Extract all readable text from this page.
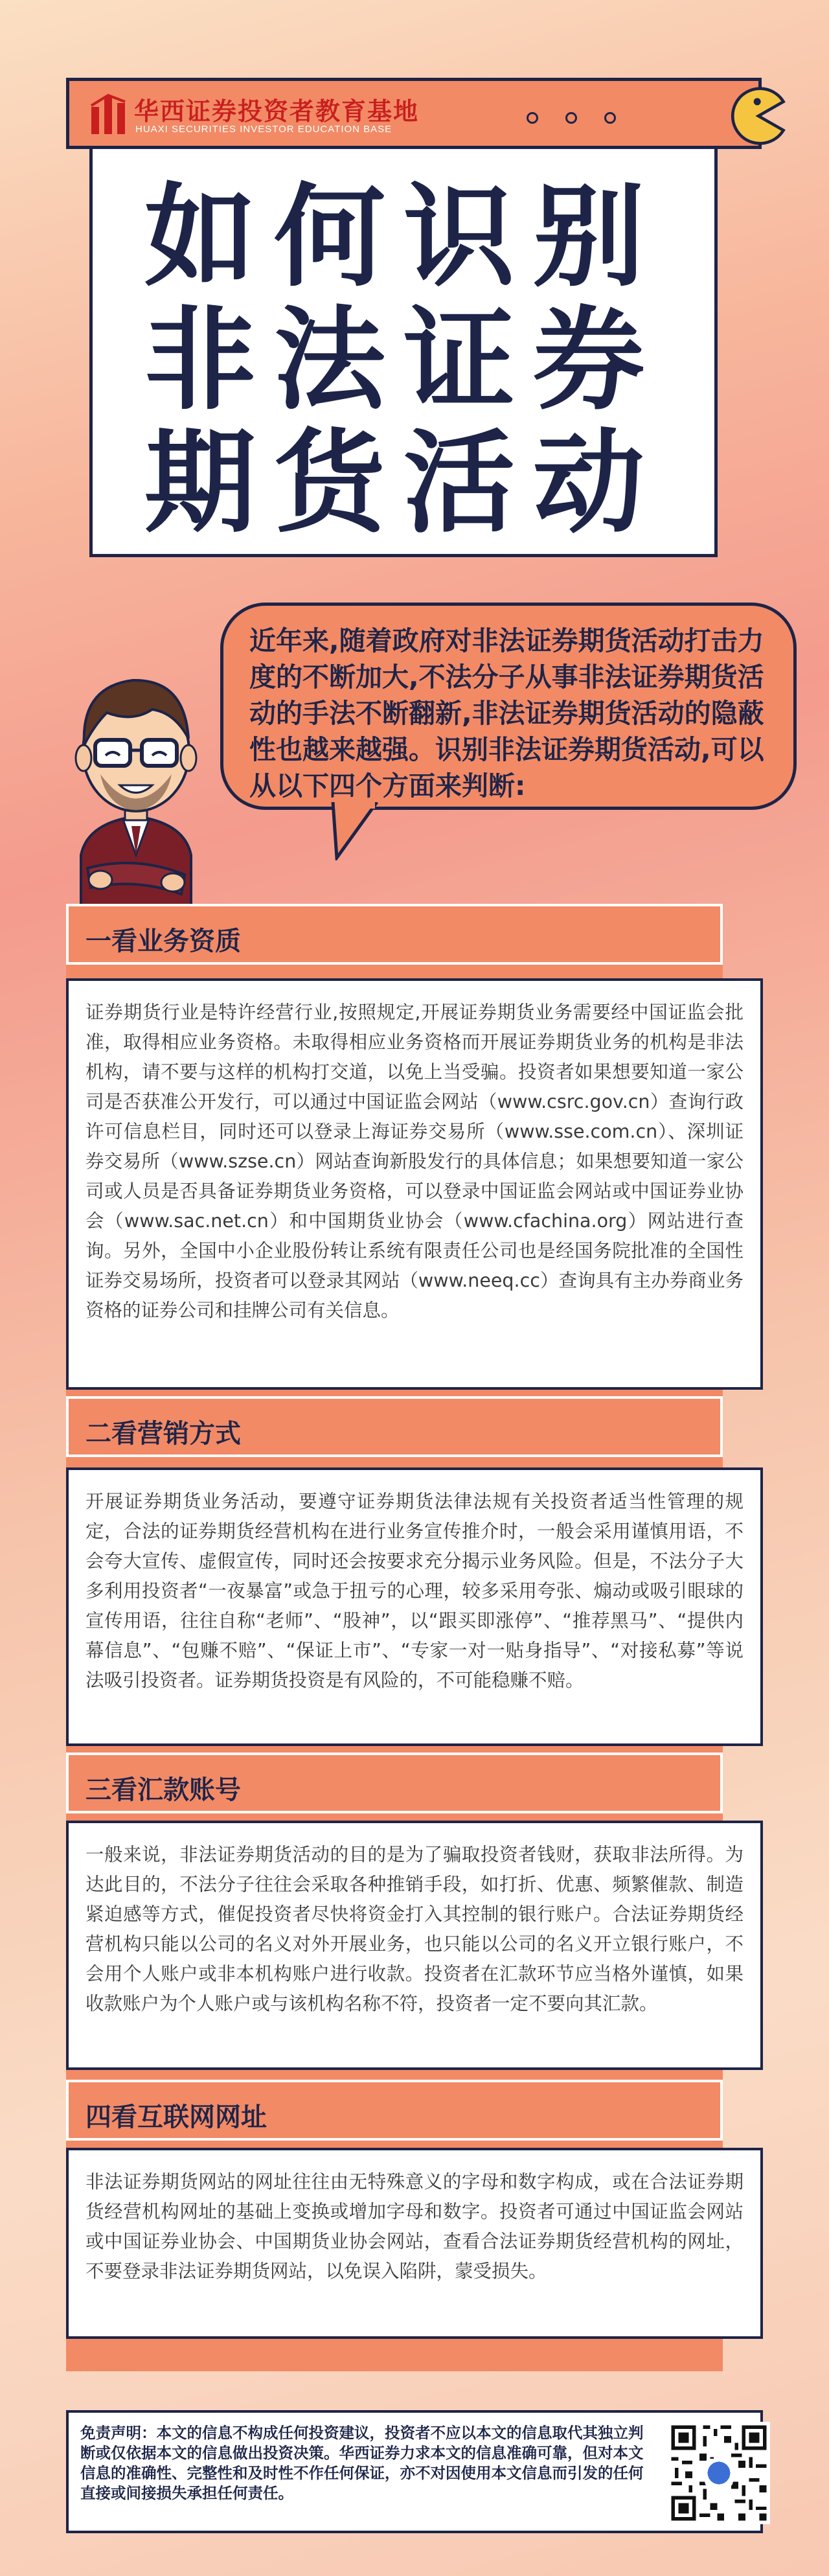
华西证券投资者教育基地
HUAXI SECURITIES INVESTOR EDUCATION BASE
如何识别
非法证券
期货活动

近年来,随着政府对非法证券期货活动打击力度的不断加大,不法分子从事非法证券期货活动的手法不断翻新,非法证券期货活动的隐蔽性也越来越强。识别非法证券期货活动,可以从以下四个方面来判断:

一看业务资质

证券期货行业是特许经营行业,按照规定,开展证券期货业务需要经中国证监会批准，取得相应业务资格。未取得相应业务资格而开展证券期货业务的机构是非法机构，请不要与这样的机构打交道，以免上当受骗。投资者如果想要知道一家公司是否获准公开发行，可以通过中国证监会网站（www.csrc.gov.cn）查询行政许可信息栏目，同时还可以登录上海证券交易所（www.sse.com.cn）、深圳证券交易所（www.szse.cn）网站查询新股发行的具体信息；如果想要知道一家公司或人员是否具备证券期货业务资格，可以登录中国证监会网站或中国证券业协会（www.sac.net.cn）和中国期货业协会（www.cfachina.org）网站进行查询。另外，全国中小企业股份转让系统有限责任公司也是经国务院批准的全国性证券交易场所，投资者可以登录其网站（www.neeq.cc）查询具有主办券商业务资格的证券公司和挂牌公司有关信息。

二看营销方式

开展证券期货业务活动，要遵守证券期货法律法规有关投资者适当性管理的规定，合法的证券期货经营机构在进行业务宣传推介时，一般会采用谨慎用语，不会夸大宣传、虚假宣传，同时还会按要求充分揭示业务风险。但是，不法分子大多利用投资者“一夜暴富”或急于扭亏的心理，较多采用夸张、煽动或吸引眼球的宣传用语，往往自称“老师”、“股神”，以“跟买即涨停”、“推荐黑马”、“提供内幕信息”、“包赚不赔”、“保证上市”、“专家一对一贴身指导”、“对接私募”等说法吸引投资者。证券期货投资是有风险的，不可能稳赚不赔。

三看汇款账号

一般来说，非法证券期货活动的目的是为了骗取投资者钱财，获取非法所得。为达此目的，不法分子往往会采取各种推销手段，如打折、优惠、频繁催款、制造紧迫感等方式，催促投资者尽快将资金打入其控制的银行账户。合法证券期货经营机构只能以公司的名义对外开展业务，也只能以公司的名义开立银行账户，不会用个人账户或非本机构账户进行收款。投资者在汇款环节应当格外谨慎，如果收款账户为个人账户或与该机构名称不符，投资者一定不要向其汇款。

四看互联网网址

非法证券期货网站的网址往往由无特殊意义的字母和数字构成，或在合法证券期货经营机构网址的基础上变换或增加字母和数字。投资者可通过中国证监会网站或中国证券业协会、中国期货业协会网站，查看合法证券期货经营机构的网址，不要登录非法证券期货网站，以免误入陷阱，蒙受损失。

免责声明：本文的信息不构成任何投资建议，投资者不应以本文的信息取代其独立判断或仅依据本文的信息做出投资决策。华西证券力求本文的信息准确可靠，但对本文信息的准确性、完整性和及时性不作任何保证，亦不对因使用本文信息而引发的任何直接或间接损失承担任何责任。
